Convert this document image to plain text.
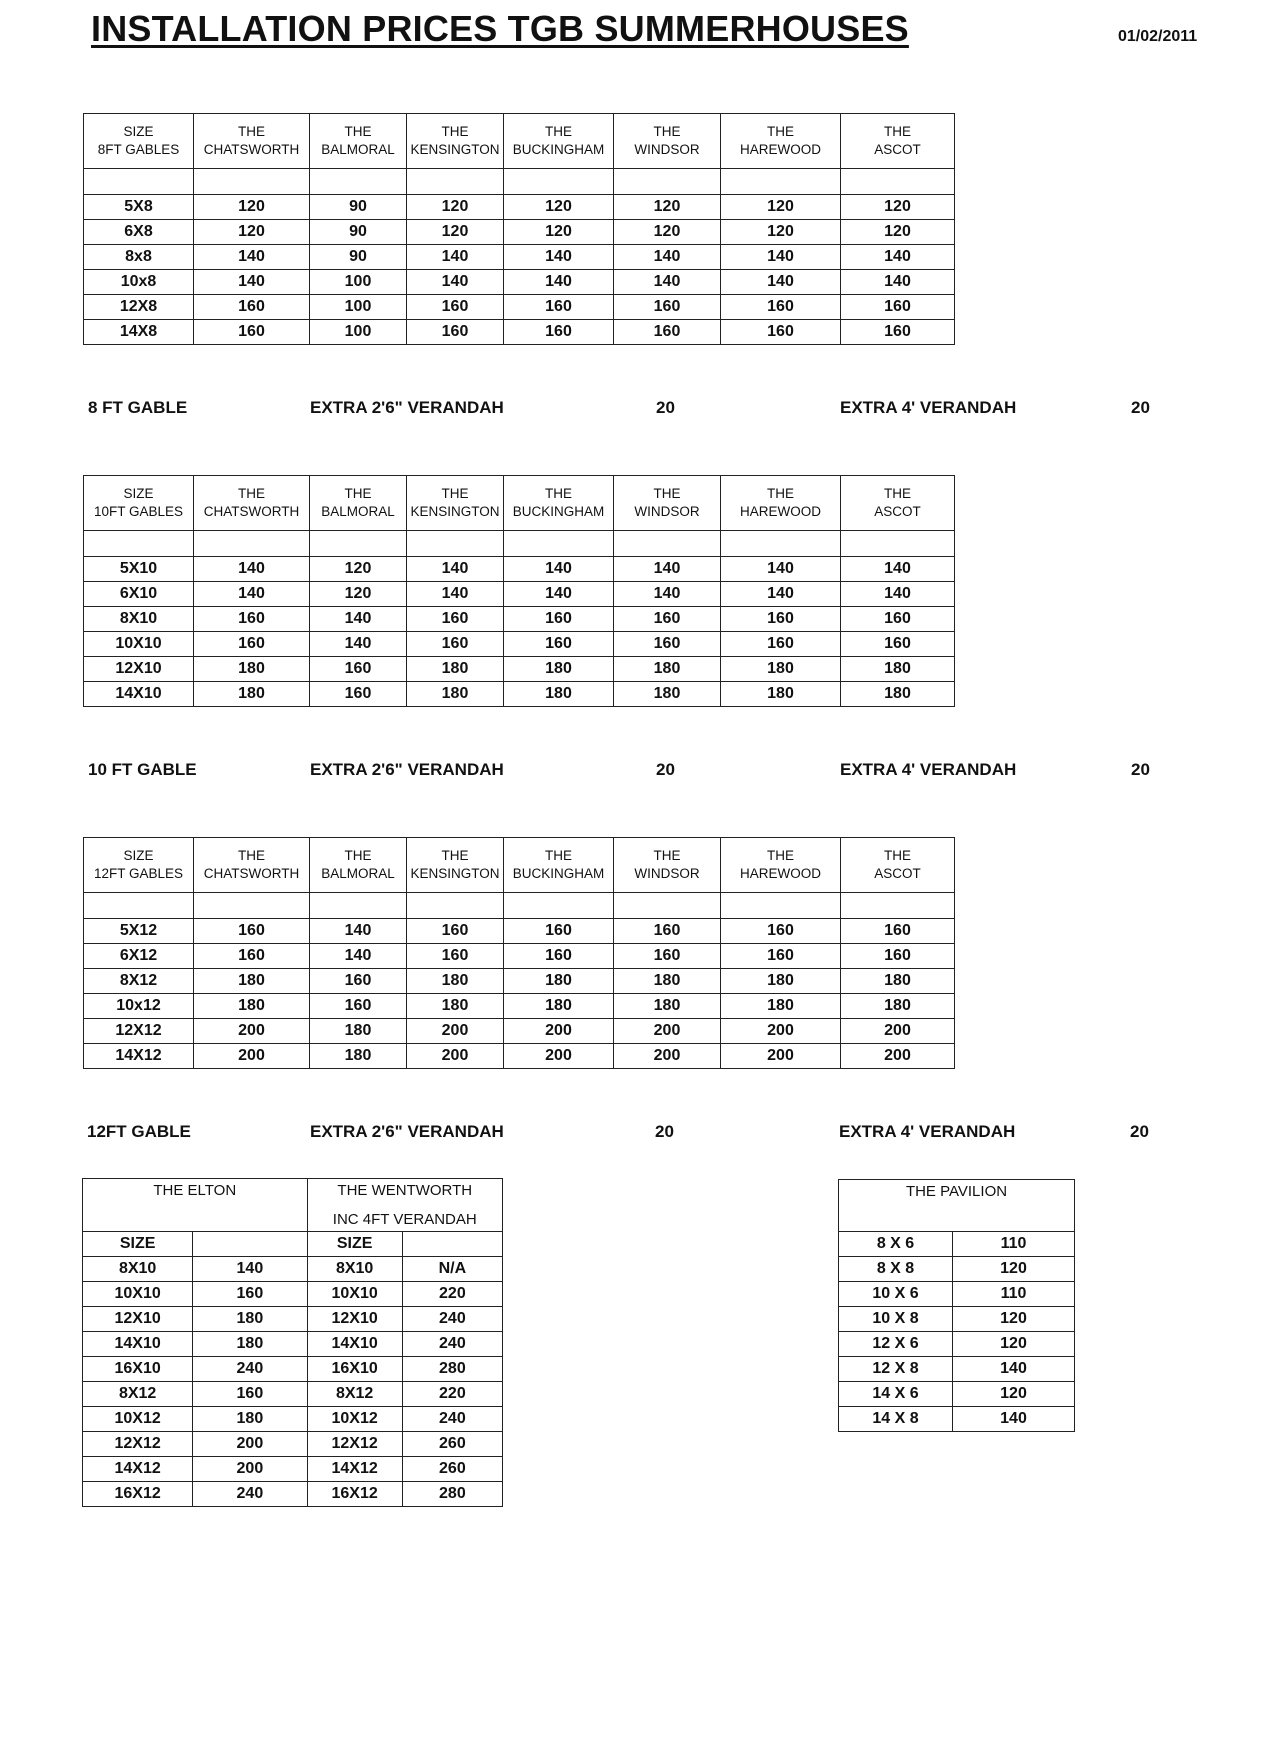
INSTALLATION PRICES TGB SUMMERHOUSES	01/02/2011
SIZE	THE	THE	THE	THE	THE	THE	THE
8FT GABLES	CHATSWORTH	BALMORAL	KENSINGTON	BUCKINGHAM	WINDSOR	HAREWOOD	ASCOT

5X8	120	90	120	120	120	120	120
6X8	120	90	120	120	120	120	120
8x8	140	90	140	140	140	140	140
10x8	140	100	140	140	140	140	140
12X8	160	100	160	160	160	160	160
14X8	160	100	160	160	160	160	160
8 FT GABLE	EXTRA 2'6" VERANDAH	20	EXTRA 4' VERANDAH	20
SIZE	THE	THE	THE	THE	THE	THE	THE
10FT GABLES	CHATSWORTH	BALMORAL	KENSINGTON	BUCKINGHAM	WINDSOR	HAREWOOD	ASCOT

5X10	140	120	140	140	140	140	140
6X10	140	120	140	140	140	140	140
8X10	160	140	160	160	160	160	160
10X10	160	140	160	160	160	160	160
12X10	180	160	180	180	180	180	180
14X10	180	160	180	180	180	180	180
10 FT GABLE	EXTRA 2'6" VERANDAH	20	EXTRA 4' VERANDAH	20
SIZE	THE	THE	THE	THE	THE	THE	THE
12FT GABLES	CHATSWORTH	BALMORAL	KENSINGTON	BUCKINGHAM	WINDSOR	HAREWOOD	ASCOT

5X12	160	140	160	160	160	160	160
6X12	160	140	160	160	160	160	160
8X12	180	160	180	180	180	180	180
10x12	180	160	180	180	180	180	180
12X12	200	180	200	200	200	200	200
14X12	200	180	200	200	200	200	200
12FT GABLE	EXTRA 2'6" VERANDAH	20	EXTRA 4' VERANDAH	20
THE ELTON		THE WENTWORTH	
		INC 4FT VERANDAH	
SIZE		SIZE	
8X10	140	8X10	N/A
10X10	160	10X10	220
12X10	180	12X10	240
14X10	180	14X10	240
16X10	240	16X10	280
8X12	160	8X12	220
10X12	180	10X12	240
12X12	200	12X12	260
14X12	200	14X12	260
16X12	240	16X12	280
THE PAVILION	
8 X 6	110
8 X 8	120
10 X 6	110
10 X 8	120
12 X 6	120
12 X 8	140
14 X 6	120
14 X 8	140
